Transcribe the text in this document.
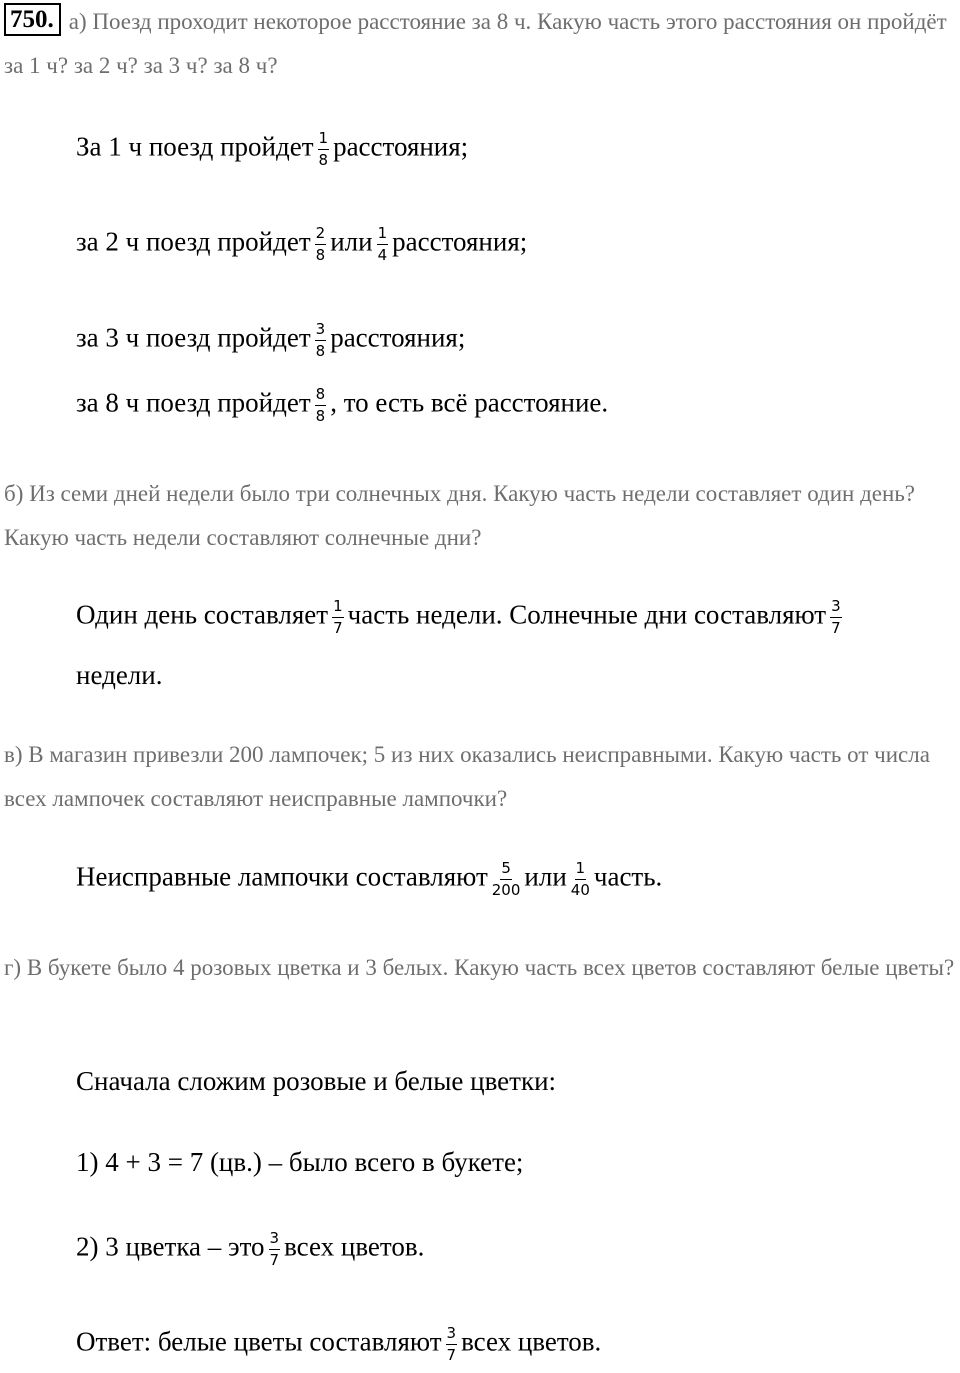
750. а) Поезд проходит некоторое расстояние за 8 ч. Какую часть этого расстояния он пройдёт за 1 ч? за 2 ч? за 3 ч? за 8 ч?
За 1 ч поезд пройдет $\frac{1}{8}$ расстояния;
за 2 ч поезд пройдет $\frac{2}{8}$ или $\frac{1}{4}$ расстояния;
за 3 ч поезд пройдет $\frac{3}{8}$ расстояния;
за 8 ч поезд пройдет $\frac{8}{8}$ , то есть всё расстояние.
б) Из семи дней недели было три солнечных дня. Какую часть недели составляет один день? Какую часть недели составляют солнечные дни?
Один день составляет $\frac{1}{7}$ часть недели. Солнечные дни составляют $\frac{3}{7}$
недели.
в) В магазин привезли 200 лампочек; 5 из них оказались неисправными. Какую часть от числа всех лампочек составляют неисправные лампочки?
Неисправные лампочки составляют $\frac{5}{200}$ или $\frac{1}{40}$ часть.
г) В букете было 4 розовых цветка и 3 белых. Какую часть всех цветов составляют белые цветы?
Сначала сложим розовые и белые цветки:
1) 4 + 3 = 7 (цв.) – было всего в букете;
2) 3 цветка – это $\frac{3}{7}$ всех цветов.
Ответ: белые цветы составляют $\frac{3}{7}$ всех цветов.
